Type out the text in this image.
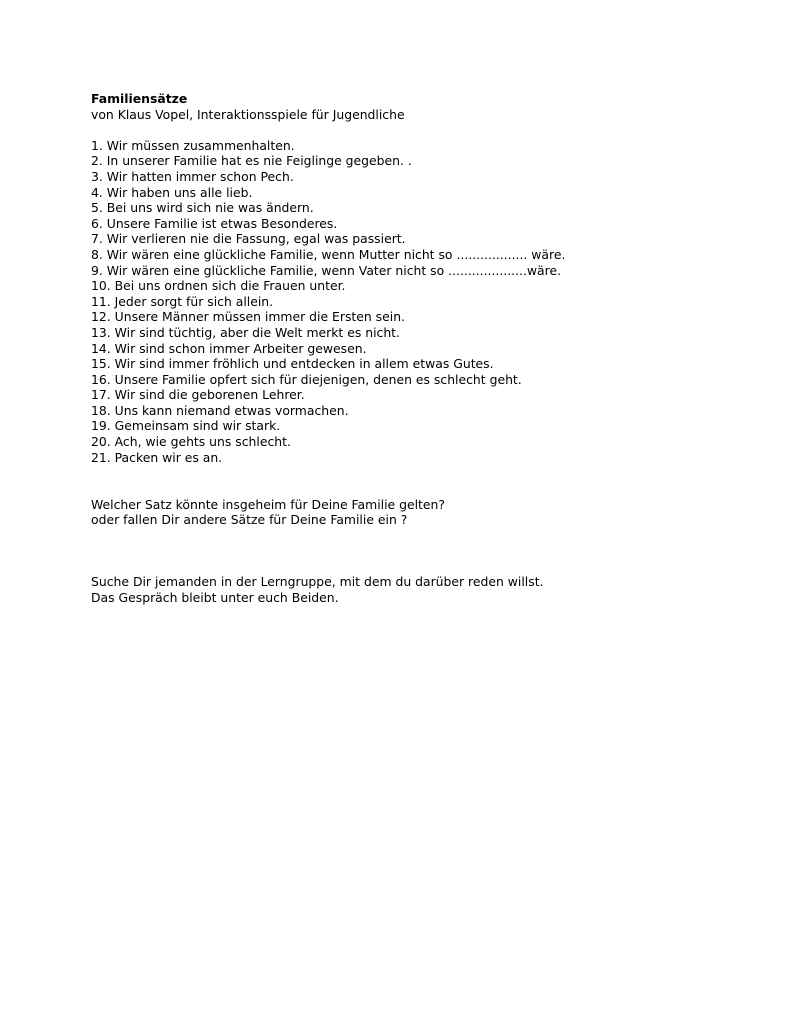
Familiensätze

von Klaus Vopel, Interaktionsspiele für Jugendliche

1. Wir müssen zusammenhalten.
2. In unserer Familie hat es nie Feiglinge gegeben. .
3. Wir hatten immer schon Pech.
4. Wir haben uns alle lieb.
5. Bei uns wird sich nie was ändern.
6. Unsere Familie ist etwas Besonderes.
7. Wir verlieren nie die Fassung, egal was passiert.
8. Wir wären eine glückliche Familie, wenn Mutter nicht so .................. wäre.
9. Wir wären eine glückliche Familie, wenn Vater nicht so ....................wäre.
10. Bei uns ordnen sich die Frauen unter.
11. Jeder sorgt für sich allein.
12. Unsere Männer müssen immer die Ersten sein.
13. Wir sind tüchtig, aber die Welt merkt es nicht.
14. Wir sind schon immer Arbeiter gewesen.
15. Wir sind immer fröhlich und entdecken in allem etwas Gutes.
16. Unsere Familie opfert sich für diejenigen, denen es schlecht geht.
17. Wir sind die geborenen Lehrer.
18. Uns kann niemand etwas vormachen.
19. Gemeinsam sind wir stark.
20. Ach, wie gehts uns schlecht.
21. Packen wir es an.
Welcher Satz könnte insgeheim für Deine Familie gelten?
oder fallen Dir andere Sätze für Deine Familie ein ?
Suche Dir jemanden in der Lerngruppe, mit dem du darüber reden willst.
Das Gespräch bleibt unter euch Beiden.
